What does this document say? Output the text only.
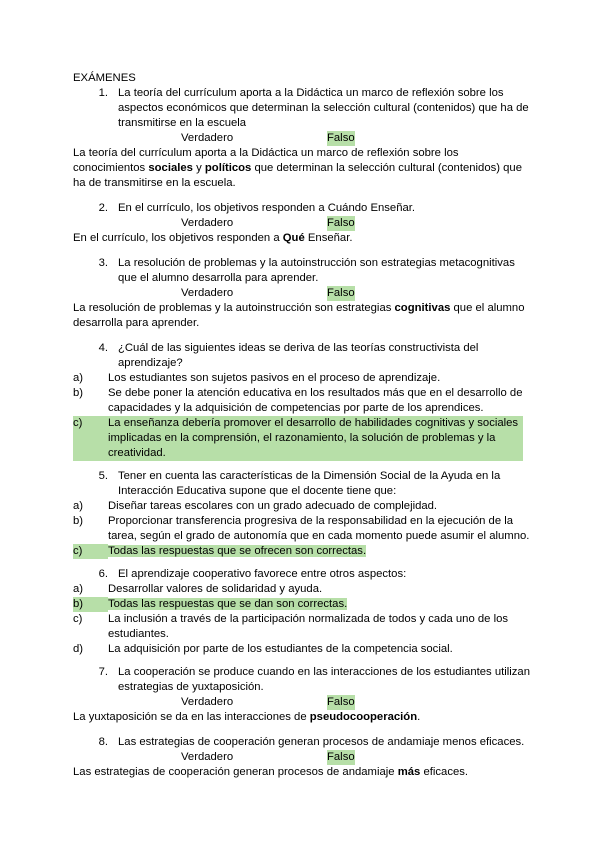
EXÁMENES
1. La teoría del currículum aporta a la Didáctica un marco de reflexión sobre los aspectos económicos que determinan la selección cultural (contenidos) que ha de transmitirse en la escuela
Verdadero	Falso
La teoría del currículum aporta a la Didáctica un marco de reflexión sobre los conocimientos sociales y políticos que determinan la selección cultural (contenidos) que ha de transmitirse en la escuela.
2. En el currículo, los objetivos responden a Cuándo Enseñar.
Verdadero	Falso
En el currículo, los objetivos responden a Qué Enseñar.
3. La resolución de problemas y la autoinstrucción son estrategias metacognitivas que el alumno desarrolla para aprender.
Verdadero	Falso
La resolución de problemas y la autoinstrucción son estrategias cognitivas que el alumno desarrolla para aprender.
4. ¿Cuál de las siguientes ideas se deriva de las teorías constructivista del aprendizaje?
a)	Los estudiantes son sujetos pasivos en el proceso de aprendizaje.
b)	Se debe poner la atención educativa en los resultados más que en el desarrollo de capacidades y la adquisición de competencias por parte de los aprendices.
c)	La enseñanza debería promover el desarrollo de habilidades cognitivas y sociales implicadas en la comprensión, el razonamiento, la solución de problemas y la creatividad.
5. Tener en cuenta las características de la Dimensión Social de la Ayuda en la Interacción Educativa supone que el docente tiene que:
a)	Diseñar tareas escolares con un grado adecuado de complejidad.
b)	Proporcionar transferencia progresiva de la responsabilidad en la ejecución de la tarea, según el grado de autonomía que en cada momento puede asumir el alumno.
c)	Todas las respuestas que se ofrecen son correctas.
6. El aprendizaje cooperativo favorece entre otros aspectos:
a)	Desarrollar valores de solidaridad y ayuda.
b)	Todas las respuestas que se dan son correctas.
c)	La inclusión a través de la participación normalizada de todos y cada uno de los estudiantes.
d)	La adquisición por parte de los estudiantes de la competencia social.
7. La cooperación se produce cuando en las interacciones de los estudiantes utilizan estrategias de yuxtaposición.
Verdadero	Falso
La yuxtaposición se da en las interacciones de pseudocooperación.
8. Las estrategias de cooperación generan procesos de andamiaje menos eficaces.
Verdadero	Falso
Las estrategias de cooperación generan procesos de andamiaje más eficaces.
